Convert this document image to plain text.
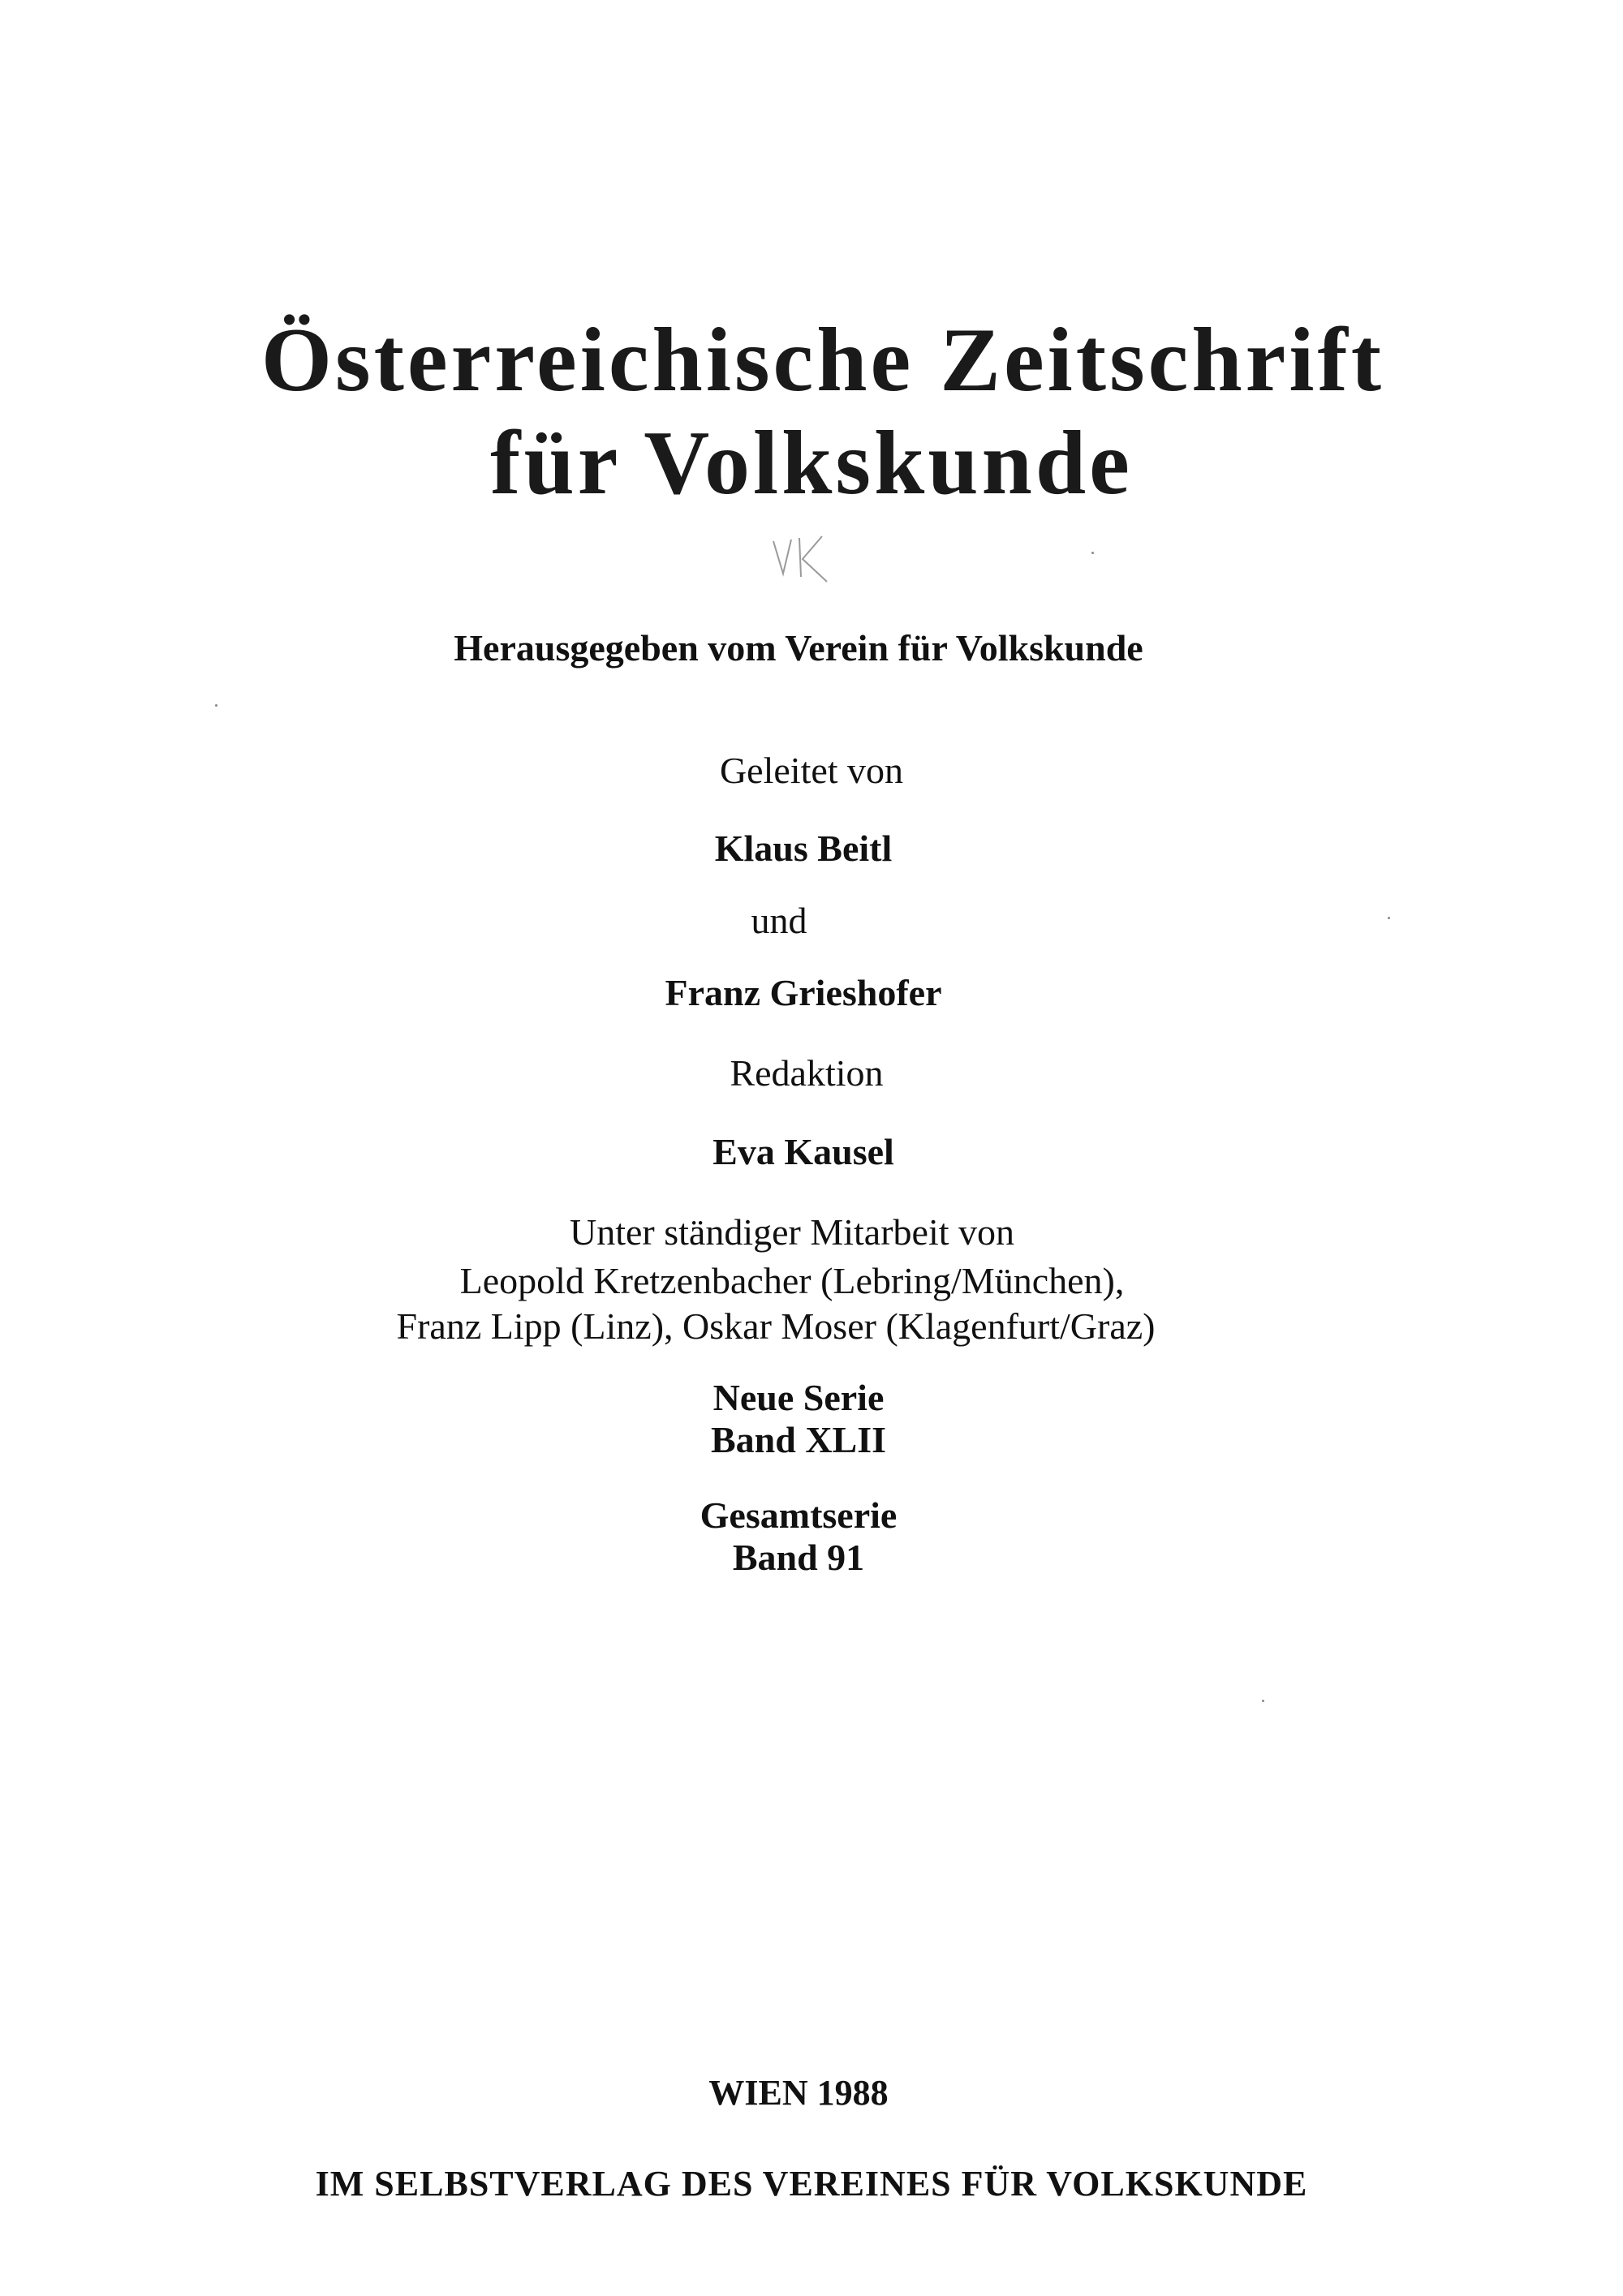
Österreichische Zeitschrift
für Volkskunde
Herausgegeben vom Verein für Volkskunde
Geleitet von
Klaus Beitl
und
Franz Grieshofer
Redaktion
Eva Kausel
Unter ständiger Mitarbeit von
Leopold Kretzenbacher (Lebring/München),
Franz Lipp (Linz), Oskar Moser (Klagenfurt/Graz)
Neue Serie
Band XLII
Gesamtserie
Band 91
WIEN 1988
IM SELBSTVERLAG DES VEREINES FÜR VOLKSKUNDE
